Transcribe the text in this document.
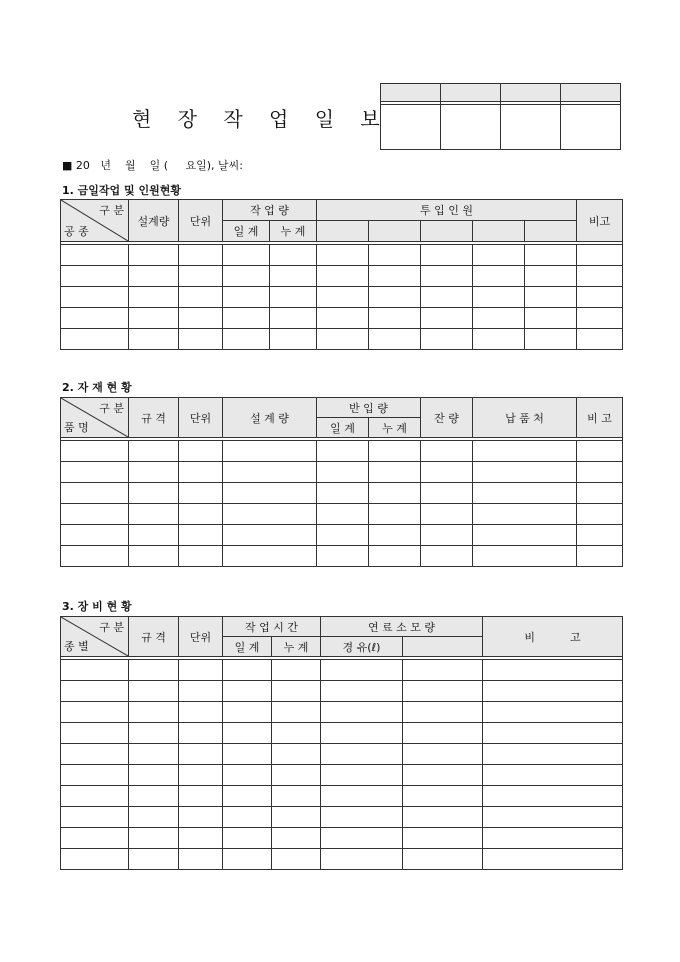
현 장 작 업 일 보

■ 20   년    월    일 (     요일), 날씨:
1. 금일작업 및 인원현황
구 분
공 종	설계량	단위	작 업 량		투 입 인 원					비고
			일 계	누 계						

2. 자 재 현 황
구 분
품 명	규 격	단위	설 계 량	반 입 량		잔 량	납 품 처	비 고
				일 계	누 계			

3. 장 비 현 황
구 분
종 별	규 격	단위	작 업 시 간		연 료 소 모 량		비          고
			일 계	누 계	경 유(ℓ)		
